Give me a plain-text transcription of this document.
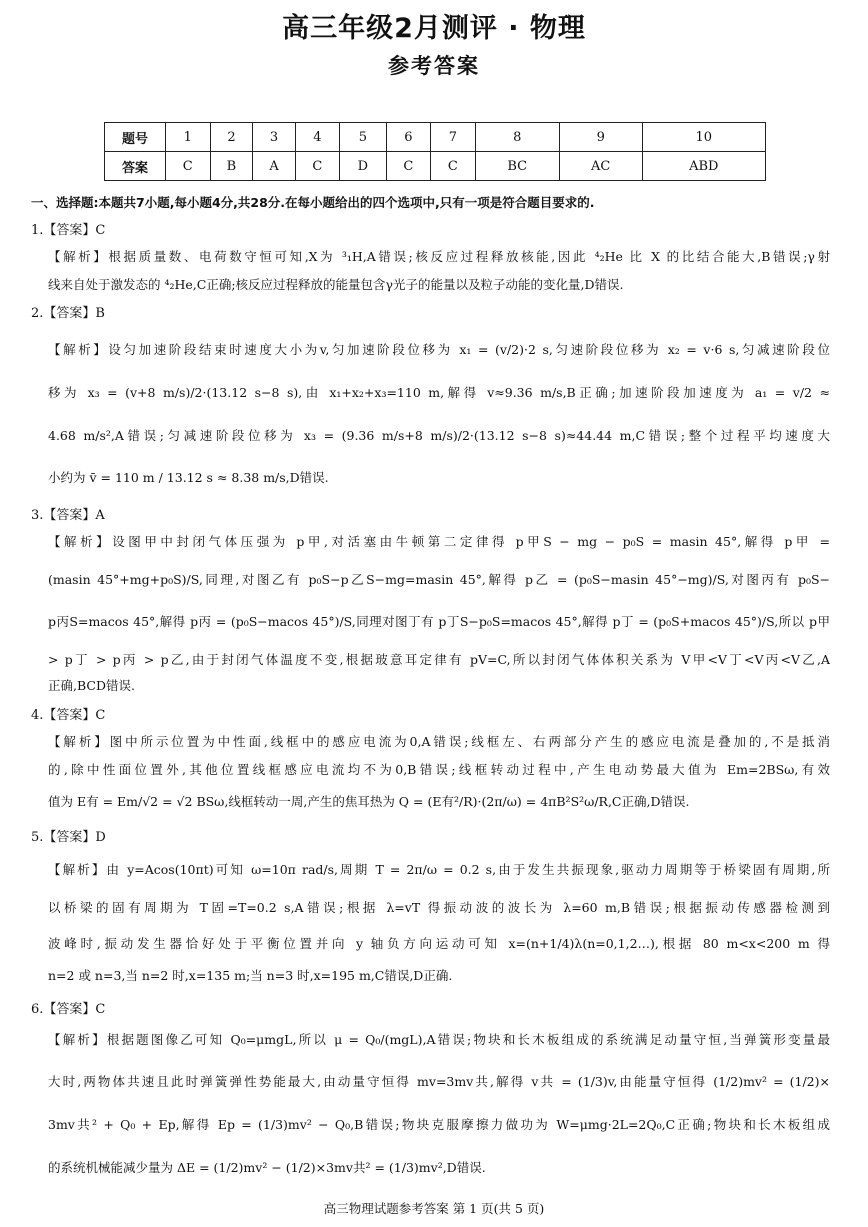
高三年级2月测评 · 物理
参考答案
题号	1	2	3	4	5	6	7	8	9	10
答案	C	B	A	C	D	C	C	BC	AC	ABD
一、选择题:本题共7小题,每小题4分,共28分.在每小题给出的四个选项中,只有一项是符合题目要求的.
1.【答案】C
【解析】根据质量数、电荷数守恒可知,X为 ³₁H,A错误;核反应过程释放核能,因此 ⁴₂He 比 X 的比结合能大,B错误;γ射
线来自处于激发态的 ⁴₂He,C正确;核反应过程释放的能量包含γ光子的能量以及粒子动能的变化量,D错误.
2.【答案】B
【解析】设匀加速阶段结束时速度大小为v,匀加速阶段位移为 x₁ = (v/2)·2 s,匀速阶段位移为 x₂ = v·6 s,匀减速阶段位
移为 x₃ = (v+8 m/s)/2·(13.12 s−8 s),由 x₁+x₂+x₃=110 m,解得 v≈9.36 m/s,B正确;加速阶段加速度为 a₁ = v/2 ≈
4.68 m/s²,A错误;匀减速阶段位移为 x₃ = (9.36 m/s+8 m/s)/2·(13.12 s−8 s)≈44.44 m,C错误;整个过程平均速度大
小约为 v̄ = 110 m / 13.12 s ≈ 8.38 m/s,D错误.
3.【答案】A
【解析】设图甲中封闭气体压强为 p甲,对活塞由牛顿第二定律得 p甲S − mg − p₀S = masin 45°,解得 p甲 =
(masin 45°+mg+p₀S)/S,同理,对图乙有 p₀S−p乙S−mg=masin 45°,解得 p乙 = (p₀S−masin 45°−mg)/S,对图丙有 p₀S−
p丙S=macos 45°,解得 p丙 = (p₀S−macos 45°)/S,同理对图丁有 p丁S−p₀S=macos 45°,解得 p丁 = (p₀S+macos 45°)/S,所以 p甲
> p丁 > p丙 > p乙,由于封闭气体温度不变,根据玻意耳定律有 pV=C,所以封闭气体体积关系为 V甲<V丁<V丙<V乙,A
正确,BCD错误.
4.【答案】C
【解析】图中所示位置为中性面,线框中的感应电流为0,A错误;线框左、右两部分产生的感应电流是叠加的,不是抵消
的,除中性面位置外,其他位置线框感应电流均不为0,B错误;线框转动过程中,产生电动势最大值为 Em=2BSω,有效
值为 E有 = Em/√2 = √2 BSω,线框转动一周,产生的焦耳热为 Q = (E有²/R)·(2π/ω) = 4πB²S²ω/R,C正确,D错误.
5.【答案】D
【解析】由 y=Acos(10πt)可知 ω=10π rad/s,周期 T = 2π/ω = 0.2 s,由于发生共振现象,驱动力周期等于桥梁固有周期,所
以桥梁的固有周期为 T固=T=0.2 s,A错误;根据 λ=vT 得振动波的波长为 λ=60 m,B错误;根据振动传感器检测到
波峰时,振动发生器恰好处于平衡位置并向 y 轴负方向运动可知 x=(n+1/4)λ(n=0,1,2…),根据 80 m<x<200 m 得
n=2 或 n=3,当 n=2 时,x=135 m;当 n=3 时,x=195 m,C错误,D正确.
6.【答案】C
【解析】根据题图像乙可知 Q₀=μmgL,所以 μ = Q₀/(mgL),A错误;物块和长木板组成的系统满足动量守恒,当弹簧形变量最
大时,两物体共速且此时弹簧弹性势能最大,由动量守恒得 mv=3mv共,解得 v共 = (1/3)v,由能量守恒得 (1/2)mv² = (1/2)×
3mv共² + Q₀ + Ep,解得 Ep = (1/3)mv² − Q₀,B错误;物块克服摩擦力做功为 W=μmg·2L=2Q₀,C正确;物块和长木板组成
的系统机械能减少量为 ΔE = (1/2)mv² − (1/2)×3mv共² = (1/3)mv²,D错误.
高三物理试题参考答案 第 1 页(共 5 页)
